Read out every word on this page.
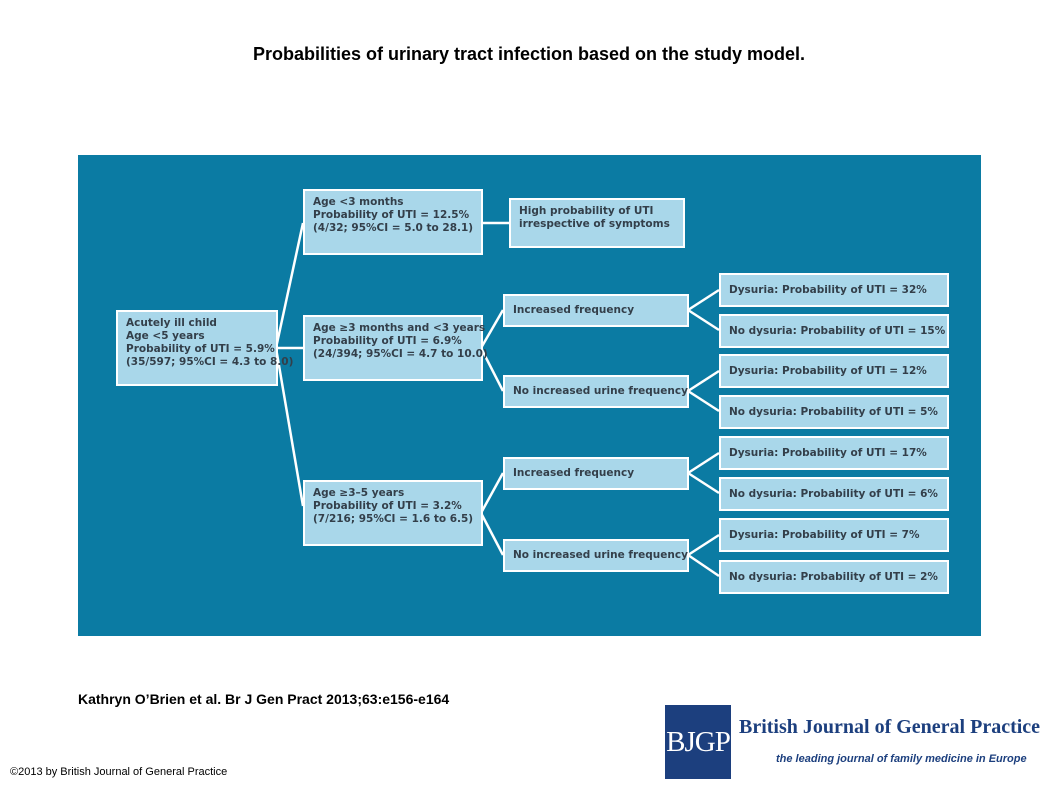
Probabilities of urinary tract infection based on the study model.
Acutely ill child
Age <5 years
Probability of UTI = 5.9%
(35/597; 95%CI = 4.3 to 8.0)
Age <3 months
Probability of UTI = 12.5%
(4/32; 95%CI = 5.0 to 28.1)
High probability of UTI
irrespective of symptoms
Age ≥3 months and <3 years
Probability of UTI = 6.9%
(24/394; 95%CI = 4.7 to 10.0)
Increased frequency
No increased urine frequency
Dysuria: Probability of UTI = 32%
No dysuria: Probability of UTI = 15%
Dysuria: Probability of UTI = 12%
No dysuria: Probability of UTI = 5%
Age ≥3–5 years
Probability of UTI = 3.2%
(7/216; 95%CI = 1.6 to 6.5)
Increased frequency
No increased urine frequency
Dysuria: Probability of UTI = 17%
No dysuria: Probability of UTI = 6%
Dysuria: Probability of UTI = 7%
No dysuria: Probability of UTI = 2%
Kathryn O’Brien et al. Br J Gen Pract 2013;63:e156-e164
BJGP British Journal of General Practice
the leading journal of family medicine in Europe
©2013 by British Journal of General Practice
